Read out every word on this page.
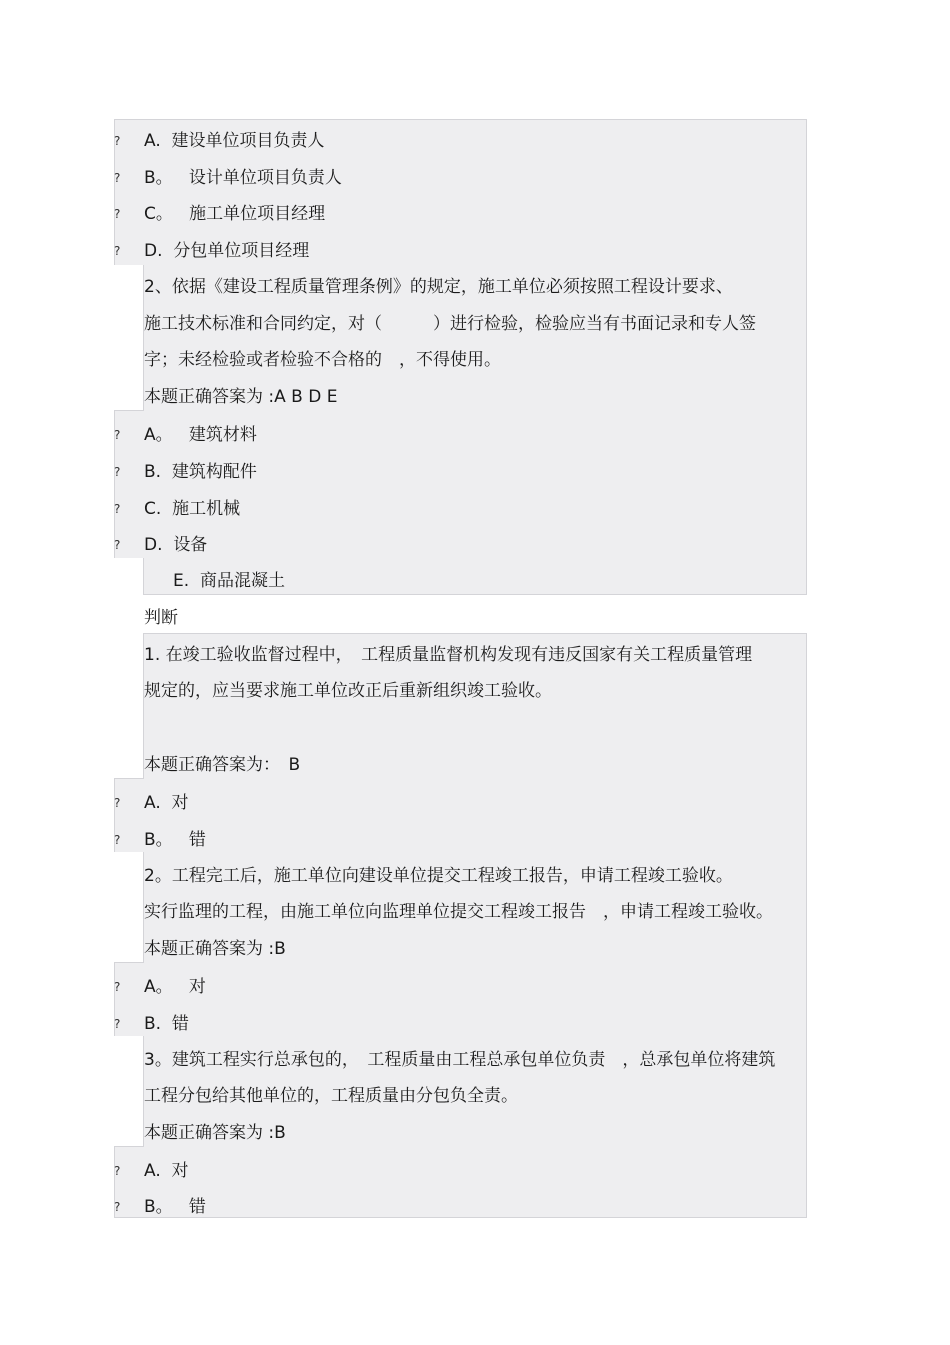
? A. 建设单位项目负责人
? B。 设计单位项目负责人
? C。 施工单位项目经理
? D. 分包单位项目经理
2、依据《建设工程质量管理条例》的规定，施工单位必须按照工程设计要求、
施工技术标准和合同约定，对（　　　）进行检验，检验应当有书面记录和专人签
字；未经检验或者检验不合格的　，不得使用。
本题正确答案为 :A B D E
? A。 建筑材料
? B. 建筑构配件
? C. 施工机械
? D. 设备
E. 商品混凝土
判断
1. 在竣工验收监督过程中，　工程质量监督机构发现有违反国家有关工程质量管理
规定的，应当要求施工单位改正后重新组织竣工验收。
本题正确答案为：　B
? A. 对
? B。 错
2。工程完工后，施工单位向建设单位提交工程竣工报告，申请工程竣工验收。
实行监理的工程，由施工单位向监理单位提交工程竣工报告　，申请工程竣工验收。
本题正确答案为 :B
? A。 对
? B. 错
3。建筑工程实行总承包的，　工程质量由工程总承包单位负责　，总承包单位将建筑
工程分包给其他单位的，工程质量由分包负全责。
本题正确答案为 :B
? A. 对
? B。 错
